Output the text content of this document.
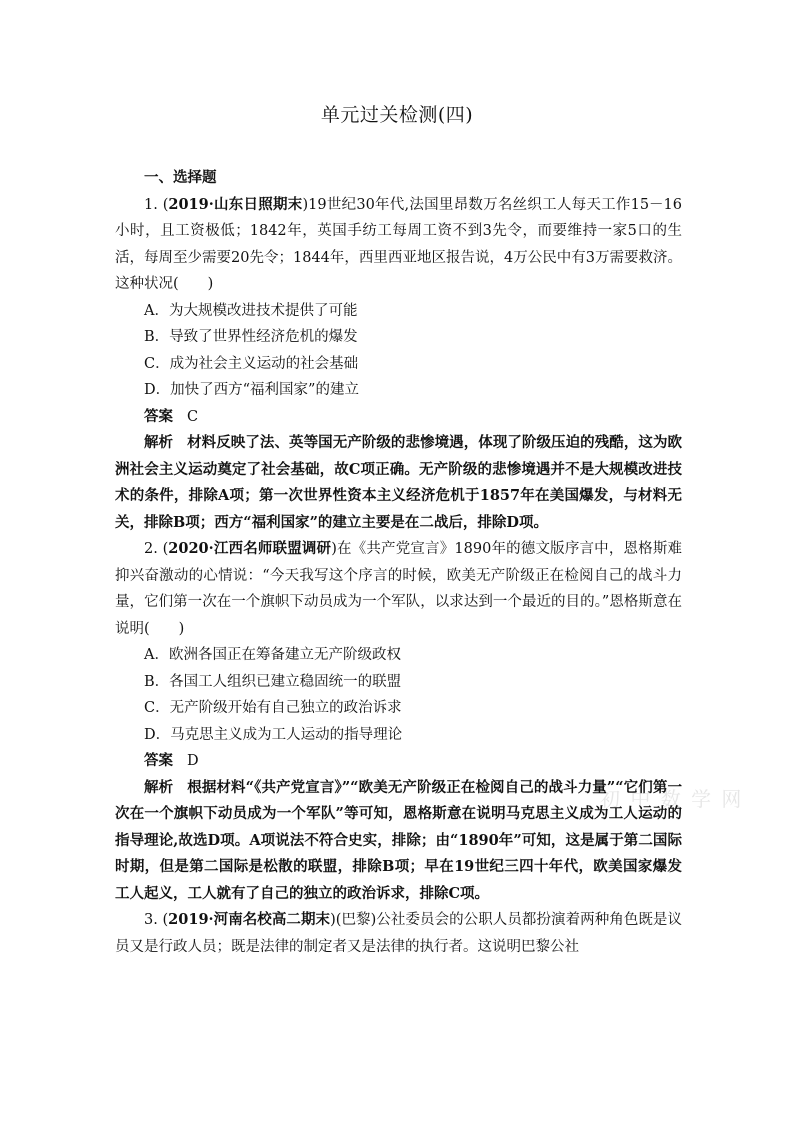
单元过关检测(四)
初 中 数 学 网

一、选择题

1. (2019·山东日照期末)19世纪30年代,法国里昂数万名丝织工人每天工作15－16小时，且工资极低；1842年，英国手纺工每周工资不到3先令，而要维持一家5口的生活，每周至少需要20先令；1844年，西里西亚地区报告说，4万公民中有3万需要救济。这种状况(　　)

A．为大规模改进技术提供了可能

B．导致了世界性经济危机的爆发

C．成为社会主义运动的社会基础

D．加快了西方“福利国家”的建立

答案 C

解析 材料反映了法、英等国无产阶级的悲惨境遇，体现了阶级压迫的残酷，这为欧洲社会主义运动奠定了社会基础，故C项正确。无产阶级的悲惨境遇并不是大规模改进技术的条件，排除A项；第一次世界性资本主义经济危机于1857年在美国爆发，与材料无关，排除B项；西方“福利国家”的建立主要是在二战后，排除D项。

2. (2020·江西名师联盟调研)在《共产党宣言》1890年的德文版序言中，恩格斯难抑兴奋激动的心情说：“今天我写这个序言的时候，欧美无产阶级正在检阅自己的战斗力量，它们第一次在一个旗帜下动员成为一个军队，以求达到一个最近的目的。”恩格斯意在说明(　　)

A．欧洲各国正在筹备建立无产阶级政权

B．各国工人组织已建立稳固统一的联盟

C．无产阶级开始有自己独立的政治诉求

D．马克思主义成为工人运动的指导理论

答案 D

解析 根据材料“《共产党宣言》”“欧美无产阶级正在检阅自己的战斗力量”“它们第一次在一个旗帜下动员成为一个军队”等可知，恩格斯意在说明马克思主义成为工人运动的指导理论,故选D项。A项说法不符合史实，排除；由“1890年”可知，这是属于第二国际时期，但是第二国际是松散的联盟，排除B项；早在19世纪三四十年代，欧美国家爆发工人起义，工人就有了自己的独立的政治诉求，排除C项。

3. (2019·河南名校高二期末)(巴黎)公社委员会的公职人员都扮演着两种角色既是议员又是行政人员；既是法律的制定者又是法律的执行者。这说明巴黎公社
